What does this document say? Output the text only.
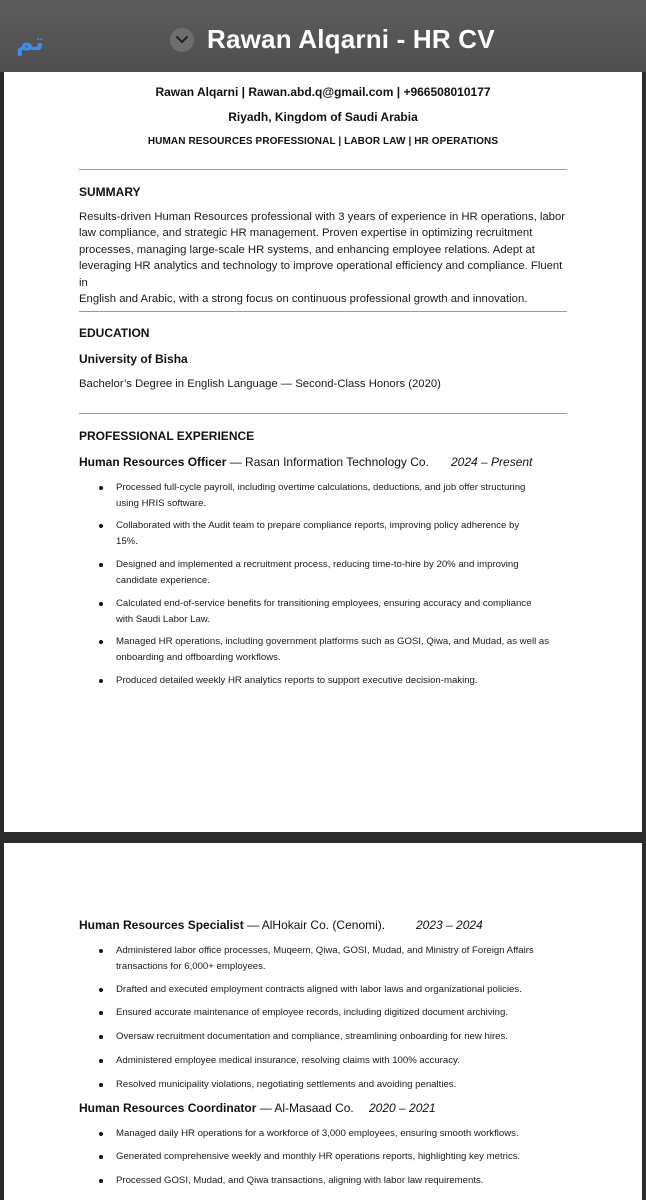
تم	Rawan Alqarni - HR CV
Rawan Alqarni | Rawan.abd.q@gmail.com | +966508010177
Riyadh, Kingdom of Saudi Arabia
HUMAN RESOURCES PROFESSIONAL | LABOR LAW | HR OPERATIONS
SUMMARY
Results-driven Human Resources professional with 3 years of experience in HR operations, labor
law compliance, and strategic HR management. Proven expertise in optimizing recruitment
processes, managing large-scale HR systems, and enhancing employee relations. Adept at
leveraging HR analytics and technology to improve operational efficiency and compliance. Fluent in
English and Arabic, with a strong focus on continuous professional growth and innovation.
EDUCATION
University of Bisha
Bachelor’s Degree in English Language — Second-Class Honors (2020)
PROFESSIONAL EXPERIENCE
Human Resources Officer — Rasan Information Technology Co. 2024 – Present
Processed full-cycle payroll, including overtime calculations, deductions, and job offer structuring
using HRIS software.
Collaborated with the Audit team to prepare compliance reports, improving policy adherence by
15%.
Designed and implemented a recruitment process, reducing time-to-hire by 20% and improving
candidate experience.
Calculated end-of-service benefits for transitioning employees, ensuring accuracy and compliance
with Saudi Labor Law.
Managed HR operations, including government platforms such as GOSI, Qiwa, and Mudad, as well as
onboarding and offboarding workflows.
Produced detailed weekly HR analytics reports to support executive decision-making.
Human Resources Specialist — AlHokair Co. (Cenomi).	2023 – 2024
Administered labor office processes, Muqeem, Qiwa, GOSI, Mudad, and Ministry of Foreign Affairs
transactions for 6,000+ employees.
Drafted and executed employment contracts aligned with labor laws and organizational policies.
Ensured accurate maintenance of employee records, including digitized document archiving.
Oversaw recruitment documentation and compliance, streamlining onboarding for new hires.
Administered employee medical insurance, resolving claims with 100% accuracy.
Resolved municipality violations, negotiating settlements and avoiding penalties.
Human Resources Coordinator — Al-Masaad Co. 2020 – 2021
Managed daily HR operations for a workforce of 3,000 employees, ensuring smooth workflows.
Generated comprehensive weekly and monthly HR operations reports, highlighting key metrics.
Processed GOSI, Mudad, and Qiwa transactions, aligning with labor law requirements.
